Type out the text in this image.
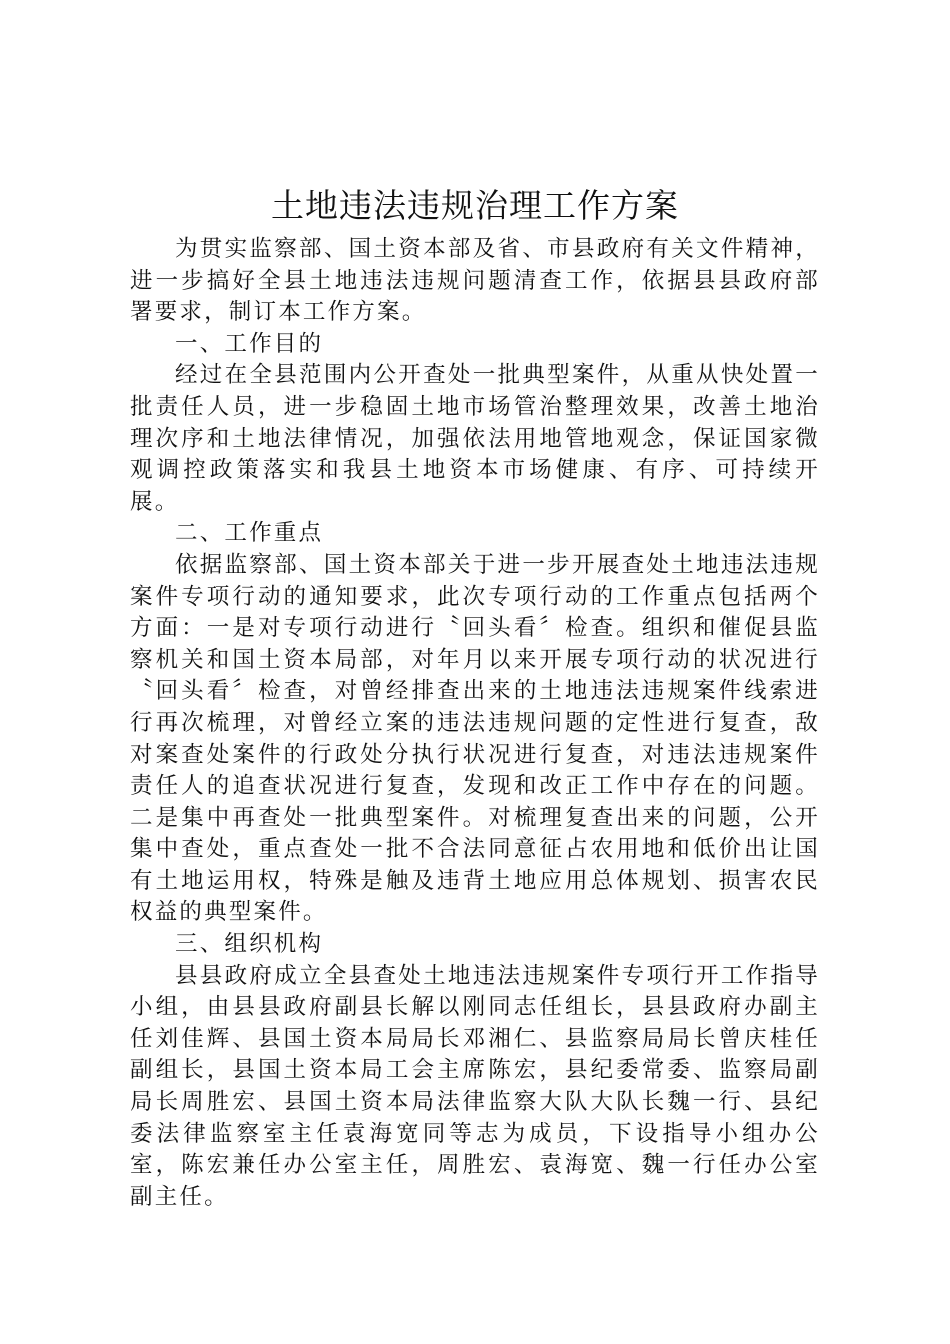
土地违法违规治理工作方案

为贯实监察部、国土资本部及省、市县政府有关文件精神，进一步搞好全县土地违法违规问题清查工作，依据县县政府部署要求，制订本工作方案。

一、工作目的

经过在全县范围内公开查处一批典型案件，从重从快处置一批责任人员，进一步稳固土地市场管治整理效果，改善土地治理次序和土地法律情况，加强依法用地管地观念，保证国家微观调控政策落实和我县土地资本市场健康、有序、可持续开展。

二、工作重点

依据监察部、国土资本部关于进一步开展查处土地违法违规案件专项行动的通知要求，此次专项行动的工作重点包括两个方面：一是对专项行动进行〝回头看〞检查。组织和催促县监察机关和国土资本局部，对年月以来开展专项行动的状况进行〝回头看〞检查，对曾经排查出来的土地违法违规案件线索进行再次梳理，对曾经立案的违法违规问题的定性进行复查，敌对案查处案件的行政处分执行状况进行复查，对违法违规案件责任人的追查状况进行复查，发现和改正工作中存在的问题。二是集中再查处一批典型案件。对梳理复查出来的问题，公开集中查处，重点查处一批不合法同意征占农用地和低价出让国有土地运用权，特殊是触及违背土地应用总体规划、损害农民权益的典型案件。

三、组织机构

县县政府成立全县查处土地违法违规案件专项行开工作指导小组，由县县政府副县长解以刚同志任组长，县县政府办副主任刘佳辉、县国土资本局局长邓湘仁、县监察局局长曾庆桂任副组长，县国土资本局工会主席陈宏，县纪委常委、监察局副局长周胜宏、县国土资本局法律监察大队大队长魏一行、县纪委法律监察室主任袁海宽同等志为成员，下设指导小组办公室，陈宏兼任办公室主任，周胜宏、袁海宽、魏一行任办公室副主任。
